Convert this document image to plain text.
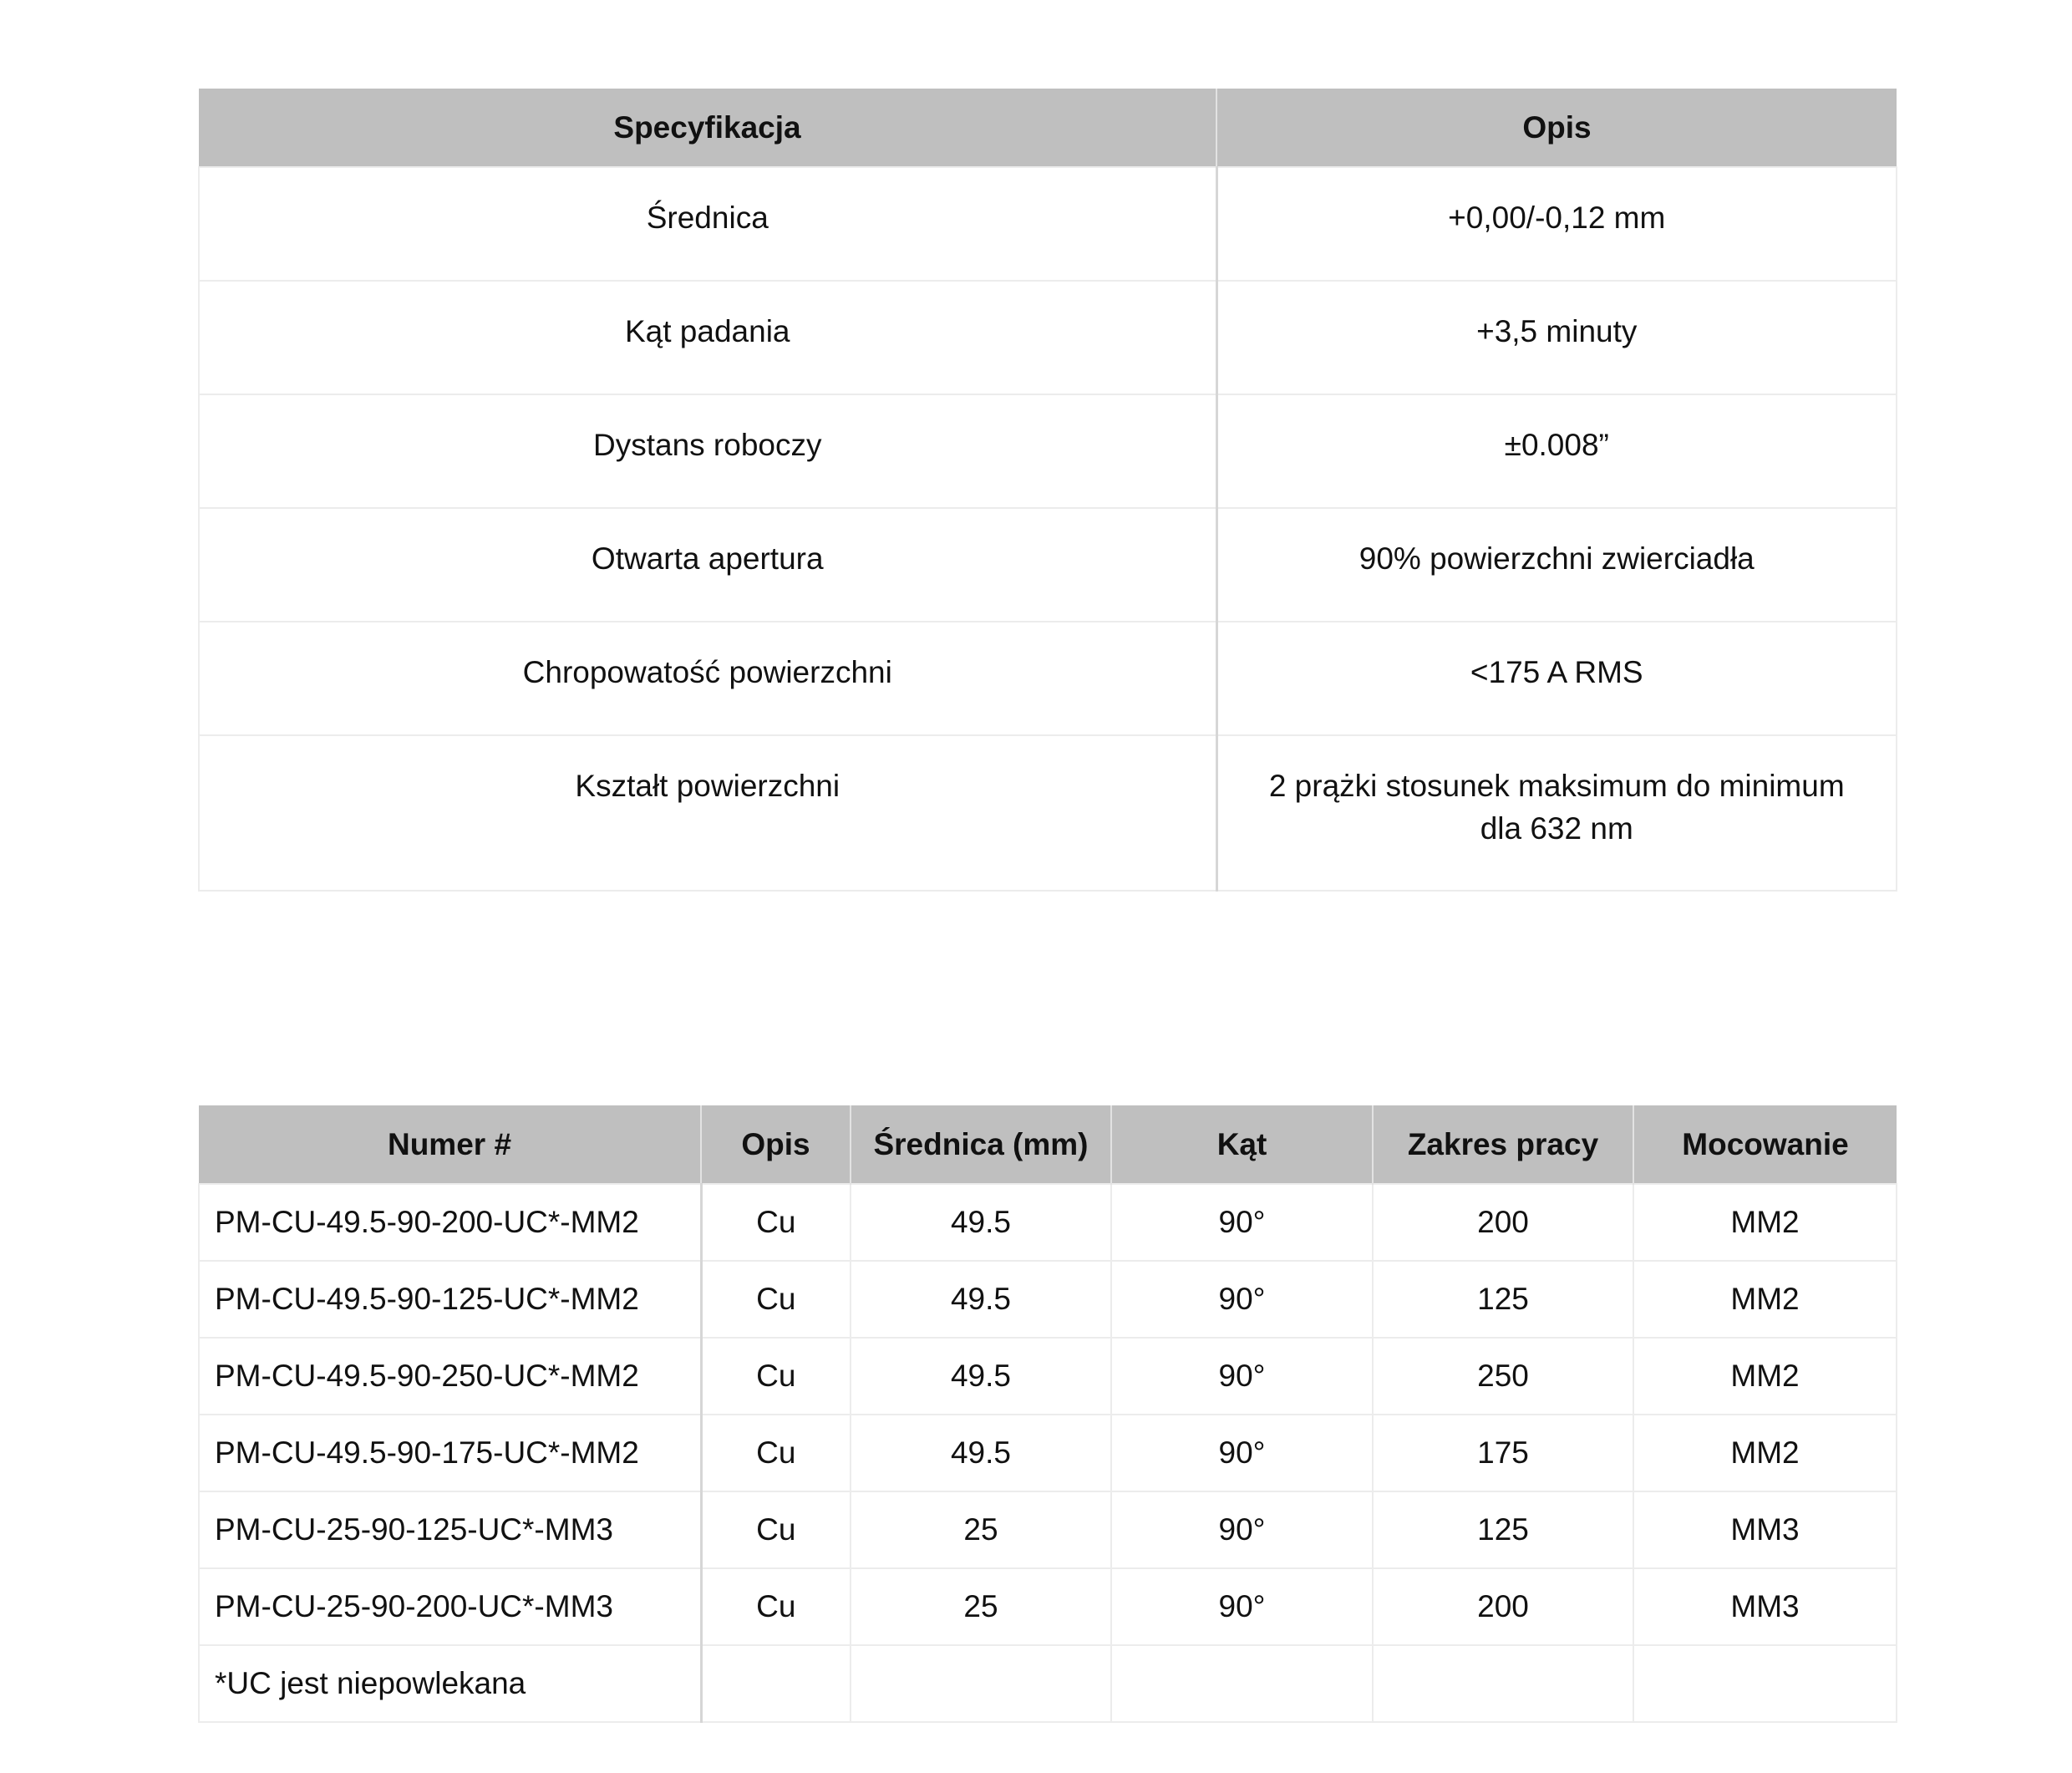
Specyfikacja	Opis
Średnica	+0,00/-0,12 mm
Kąt padania	+3,5 minuty
Dystans roboczy	±0.008”
Otwarta apertura	90% powierzchni zwierciadła
Chropowatość powierzchni	<175 A RMS
Kształt powierzchni	2 prążki stosunek maksimum do minimum
dla 632 nm
Numer #	Opis	Średnica (mm)	Kąt	Zakres pracy	Mocowanie
PM-CU-49.5-90-200-UC*-MM2	Cu	49.5	90°	200	MM2
PM-CU-49.5-90-125-UC*-MM2	Cu	49.5	90°	125	MM2
PM-CU-49.5-90-250-UC*-MM2	Cu	49.5	90°	250	MM2
PM-CU-49.5-90-175-UC*-MM2	Cu	49.5	90°	175	MM2
PM-CU-25-90-125-UC*-MM3	Cu	25	90°	125	MM3
PM-CU-25-90-200-UC*-MM3	Cu	25	90°	200	MM3
*UC jest niepowlekana					
